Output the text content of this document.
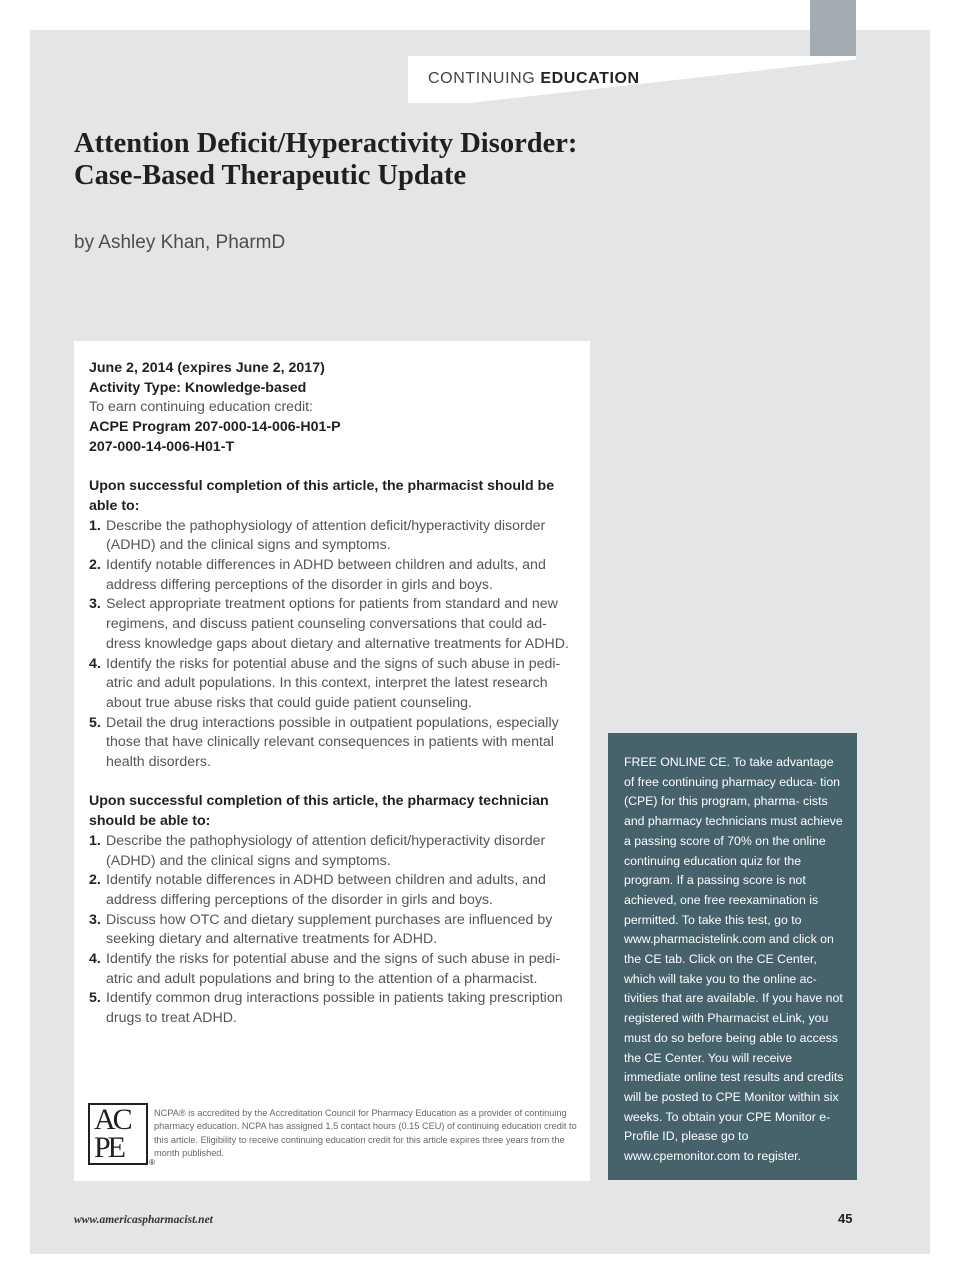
CONTINUING EDUCATION
Attention Deficit/Hyperactivity Disorder:
Case-Based Therapeutic Update
by Ashley Khan, PharmD
June 2, 2014 (expires June 2, 2017)
Activity Type: Knowledge-based
To earn continuing education credit:
ACPE Program 207-000-14-006-H01-P
207-000-14-006-H01-T
Upon successful completion of this article, the pharmacist should be able to:
1. Describe the pathophysiology of attention deficit/hyperactivity disorder (ADHD) and the clinical signs and symptoms.
2. Identify notable differences in ADHD between children and adults, and address differing perceptions of the disorder in girls and boys.
3. Select appropriate treatment options for patients from standard and new regimens, and discuss patient counseling conversations that could ad- dress knowledge gaps about dietary and alternative treatments for ADHD.
4. Identify the risks for potential abuse and the signs of such abuse in pedi- atric and adult populations. In this context, interpret the latest research about true abuse risks that could guide patient counseling.
5. Detail the drug interactions possible in outpatient populations, especially those that have clinically relevant consequences in patients with mental health disorders.
Upon successful completion of this article, the pharmacy technician should be able to:
1. Describe the pathophysiology of attention deficit/hyperactivity disorder (ADHD) and the clinical signs and symptoms.
2. Identify notable differences in ADHD between children and adults, and address differing perceptions of the disorder in girls and boys.
3. Discuss how OTC and dietary supplement purchases are influenced by seeking dietary and alternative treatments for ADHD.
4. Identify the risks for potential abuse and the signs of such abuse in pedi- atric and adult populations and bring to the attention of a pharmacist.
5. Identify common drug interactions possible in patients taking prescription drugs to treat ADHD.
AC
PE	®
NCPA® is accredited by the Accreditation Council for Pharmacy Education as a provider of continuing pharmacy education. NCPA has assigned 1.5 contact hours (0.15 CEU) of continuing education credit to this article. Eligibility to receive continuing education credit for this article expires three years from the month published.
FREE ONLINE CE. To take advantage of free continuing pharmacy educa- tion (CPE) for this program, pharma- cists and pharmacy technicians must achieve a passing score of 70% on the online continuing education quiz for the program. If a passing score is not achieved, one free reexamination is permitted. To take this test, go to www.pharmacistelink.com and click on the CE tab. Click on the CE Center, which will take you to the online ac- tivities that are available. If you have not registered with Pharmacist eLink, you must do so before being able to access the CE Center. You will receive immediate online test results and credits will be posted to CPE Monitor within six weeks. To obtain your CPE Monitor e-Profile ID, please go to www.cpemonitor.com to register.
www.americaspharmacist.net	45
